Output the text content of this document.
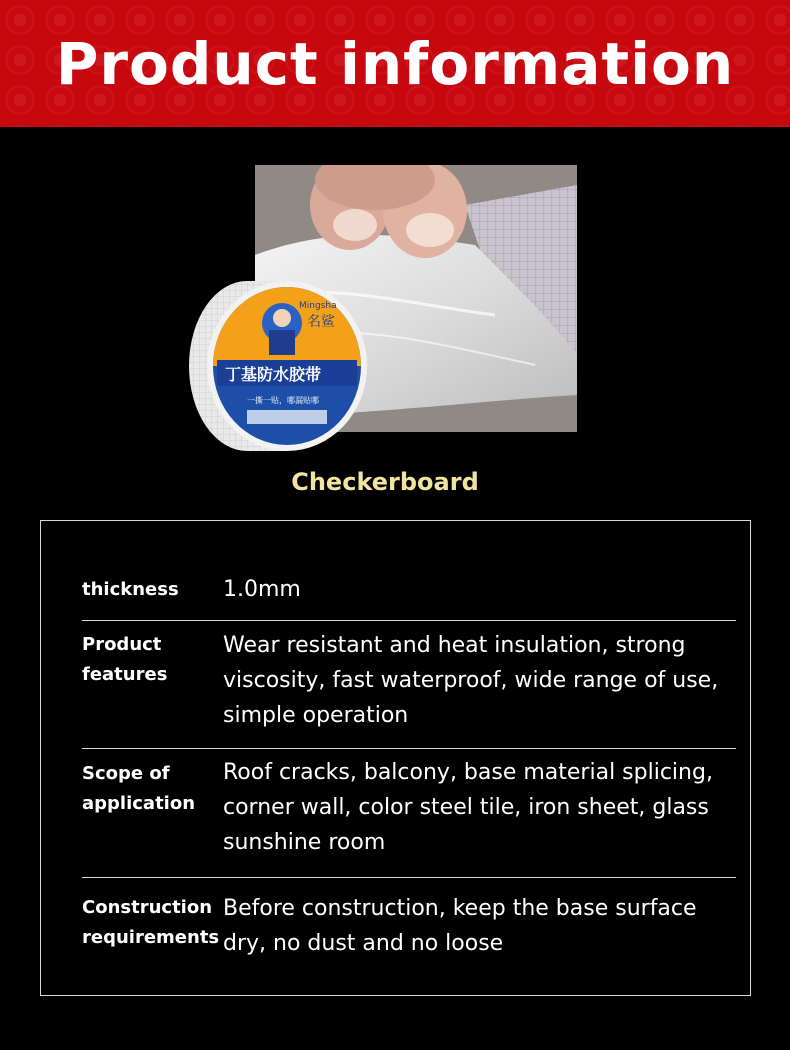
Product information
Mingsha
名鲨
丁基防水胶带
一撕一贴，哪漏贴哪
Checkerboard
thickness 1.0mm
Product
features
Wear resistant and heat insulation, strong viscosity, fast waterproof, wide range of use, simple operation
Scope of
application
Roof cracks, balcony, base material splicing, corner wall, color steel tile, iron sheet, glass sunshine room
Construction
requirements
Before construction, keep the base surface dry, no dust and no loose
